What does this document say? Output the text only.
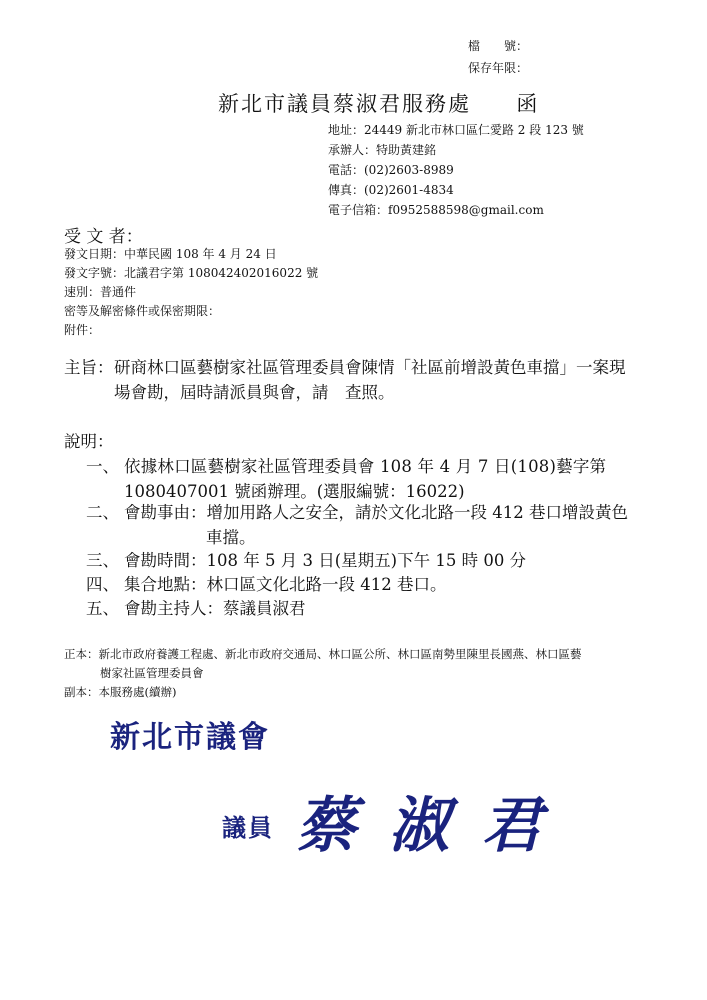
檔　　號：
保存年限：
新北市議員蔡淑君服務處 函
地址：24449 新北市林口區仁愛路 2 段 123 號
承辦人：特助黃建銘
電話：(02)2603-8989
傳真：(02)2601-4834
電子信箱：f0952588598@gmail.com
受 文 者：
發文日期：中華民國 108 年 4 月 24 日
發文字號：北議君字第 108042402016022 號
速別：普通件
密等及解密條件或保密期限：
附件：
主旨： 研商林口區藝樹家社區管理委員會陳情「社區前增設黃色車擋」一案現
場會勘，屆時請派員與會，請　查照。
說明：
一、 依據林口區藝樹家社區管理委員會 108 年 4 月 7 日(108)藝字第
1080407001 號函辦理。(選服編號：16022)
二、 會勘事由：增加用路人之安全，請於文化北路一段 412 巷口增設黃色
車擋。
三、 會勘時間：108 年 5 月 3 日(星期五)下午 15 時 00 分
四、 集合地點：林口區文化北路一段 412 巷口。
五、 會勘主持人：蔡議員淑君
正本：新北市政府養護工程處、新北市政府交通局、林口區公所、林口區南勢里陳里長國燕、林口區藝
樹家社區管理委員會
副本：本服務處(續辦)
新北市議會
議員 蔡 淑 君
